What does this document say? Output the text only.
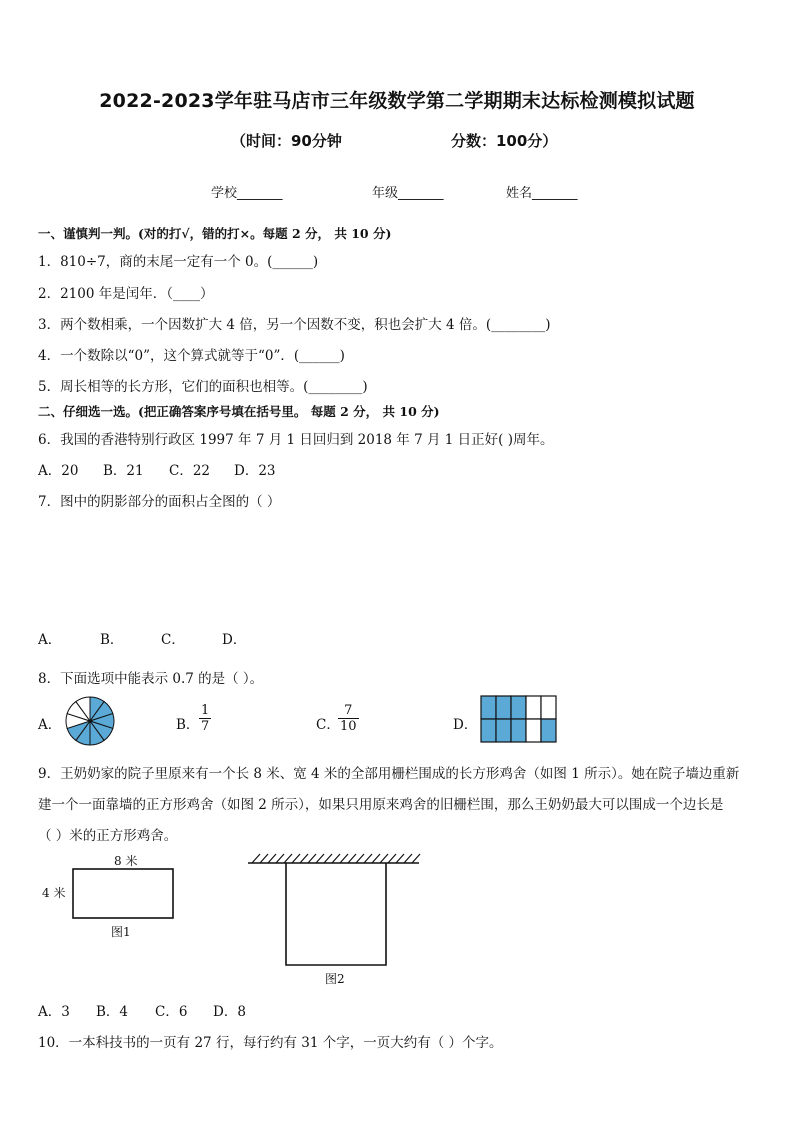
2022-2023学年驻马店市三年级数学第二学期期末达标检测模拟试题
（时间：90分钟	分数：100分）
学校_______	年级_______	姓名_______
一、谨慎判一判。(对的打√，错的打×。每题 2 分， 共 10 分)
1．810÷7，商的末尾一定有一个 0。(______)
2．2100 年是闰年．（____）
3．两个数相乘，一个因数扩大 4 倍，另一个因数不变，积也会扩大 4 倍。(________)
4．一个数除以“0”，这个算式就等于“0”．(______)
5．周长相等的长方形，它们的面积也相等。(________)
二、仔细选一选。(把正确答案序号填在括号里。 每题 2 分， 共 10 分)
6．我国的香港特别行政区 1997 年 7 月 1 日回归到 2018 年 7 月 1 日正好( )周年。
A．20 B．21 C．22 D．23
7．图中的阴影部分的面积占全图的（ ）
A．	B．	C．	D．
8．下面选项中能表示 0.7 的是（ ）。
A．	B． $\frac{1}{7}$	C．
$\frac{7}{10}$	D．
9．王奶奶家的院子里原来有一个长 8 米、宽 4 米的全部用栅栏围成的长方形鸡舍（如图 1 所示）。她在院子墙边重新
建一个一面靠墙的正方形鸡舍（如图 2 所示），如果只用原来鸡舍的旧栅栏围，那么王奶奶最大可以围成一个边长是
（ ）米的正方形鸡舍。
8 米
4 米
图1
图2
A．3 B．4 C．6 D．8
10．一本科技书的一页有 27 行，每行约有 31 个字，一页大约有（ ）个字。
